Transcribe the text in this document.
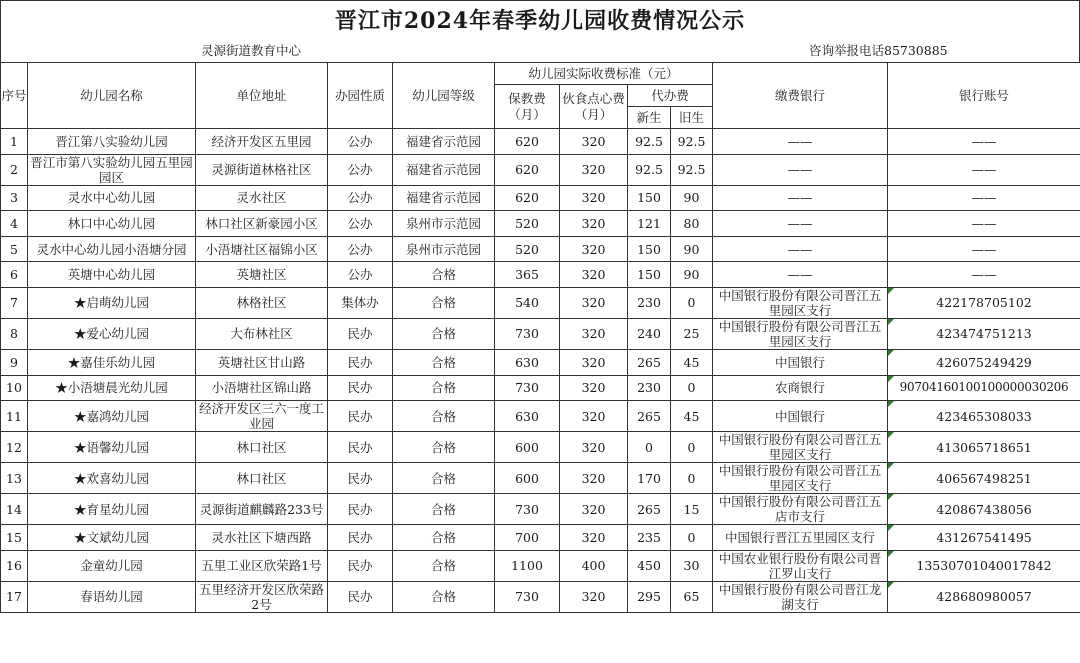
晋江市2024年春季幼儿园收费情况公示
灵源街道教育中心	咨询举报电话85730885
序号	幼儿园名称	单位地址	办园性质	幼儿园等级	幼儿园实际收费标准（元）				缴费银行	银行账号
					保教费（月）	伙食点心费（月）	代办费			
							新生	旧生		
1	晋江第八实验幼儿园	经济开发区五里园	公办	福建省示范园	620	320	92.5	92.5	——	——
2	晋江市第八实验幼儿园五里园园区	灵源街道林格社区	公办	福建省示范园	620	320	92.5	92.5	——	——
3	灵水中心幼儿园	灵水社区	公办	福建省示范园	620	320	150	90	——	——
4	林口中心幼儿园	林口社区新豪园小区	公办	泉州市示范园	520	320	121	80	——	——
5	灵水中心幼儿园小浯塘分园	小浯塘社区福锦小区	公办	泉州市示范园	520	320	150	90	——	——
6	英塘中心幼儿园	英塘社区	公办	合格	365	320	150	90	——	——
7	★启萌幼儿园	林格社区	集体办	合格	540	320	230	0	中国银行股份有限公司晋江五里园区支行	422178705102

8	★爱心幼儿园	大布林社区	民办	合格	730	320	240	25	中国银行股份有限公司晋江五里园区支行	423474751213

9	★嘉佳乐幼儿园	英塘社区甘山路	民办	合格	630	320	265	45	中国银行	426075249429

10	★小浯塘晨光幼儿园	小浯塘社区锦山路	民办	合格	730	320	230	0	农商银行	9070416010010000003020​6

11	★嘉鸿幼儿园	经济开发区三六一度工业园	民办	合格	630	320	265	45	中国银行	423465308033

12	★语馨幼儿园	林口社区	民办	合格	600	320	0	0	中国银行股份有限公司晋江五里园区支行	413065718651

13	★欢喜幼儿园	林口社区	民办	合格	600	320	170	0	中国银行股份有限公司晋江五里园区支行	406567498251

14	★育星幼儿园	灵源街道麒麟路233号	民办	合格	730	320	265	15	中国银行股份有限公司晋江五店市支行	420867438056

15	★文斌幼儿园	灵水社区下塘西路	民办	合格	700	320	235	0	中国银行晋江五里园区支行	431267541495

16	金童幼儿园	五里工业区欣荣路1号	民办	合格	1100	400	450	30	中国农业银行股份有限公司晋江罗山支行	13530701040017842

17	春语幼儿园	五里经济开发区欣荣路2号	民办	合格	730	320	295	65	中国银行股份有限公司晋江龙湖支行	428680980057
